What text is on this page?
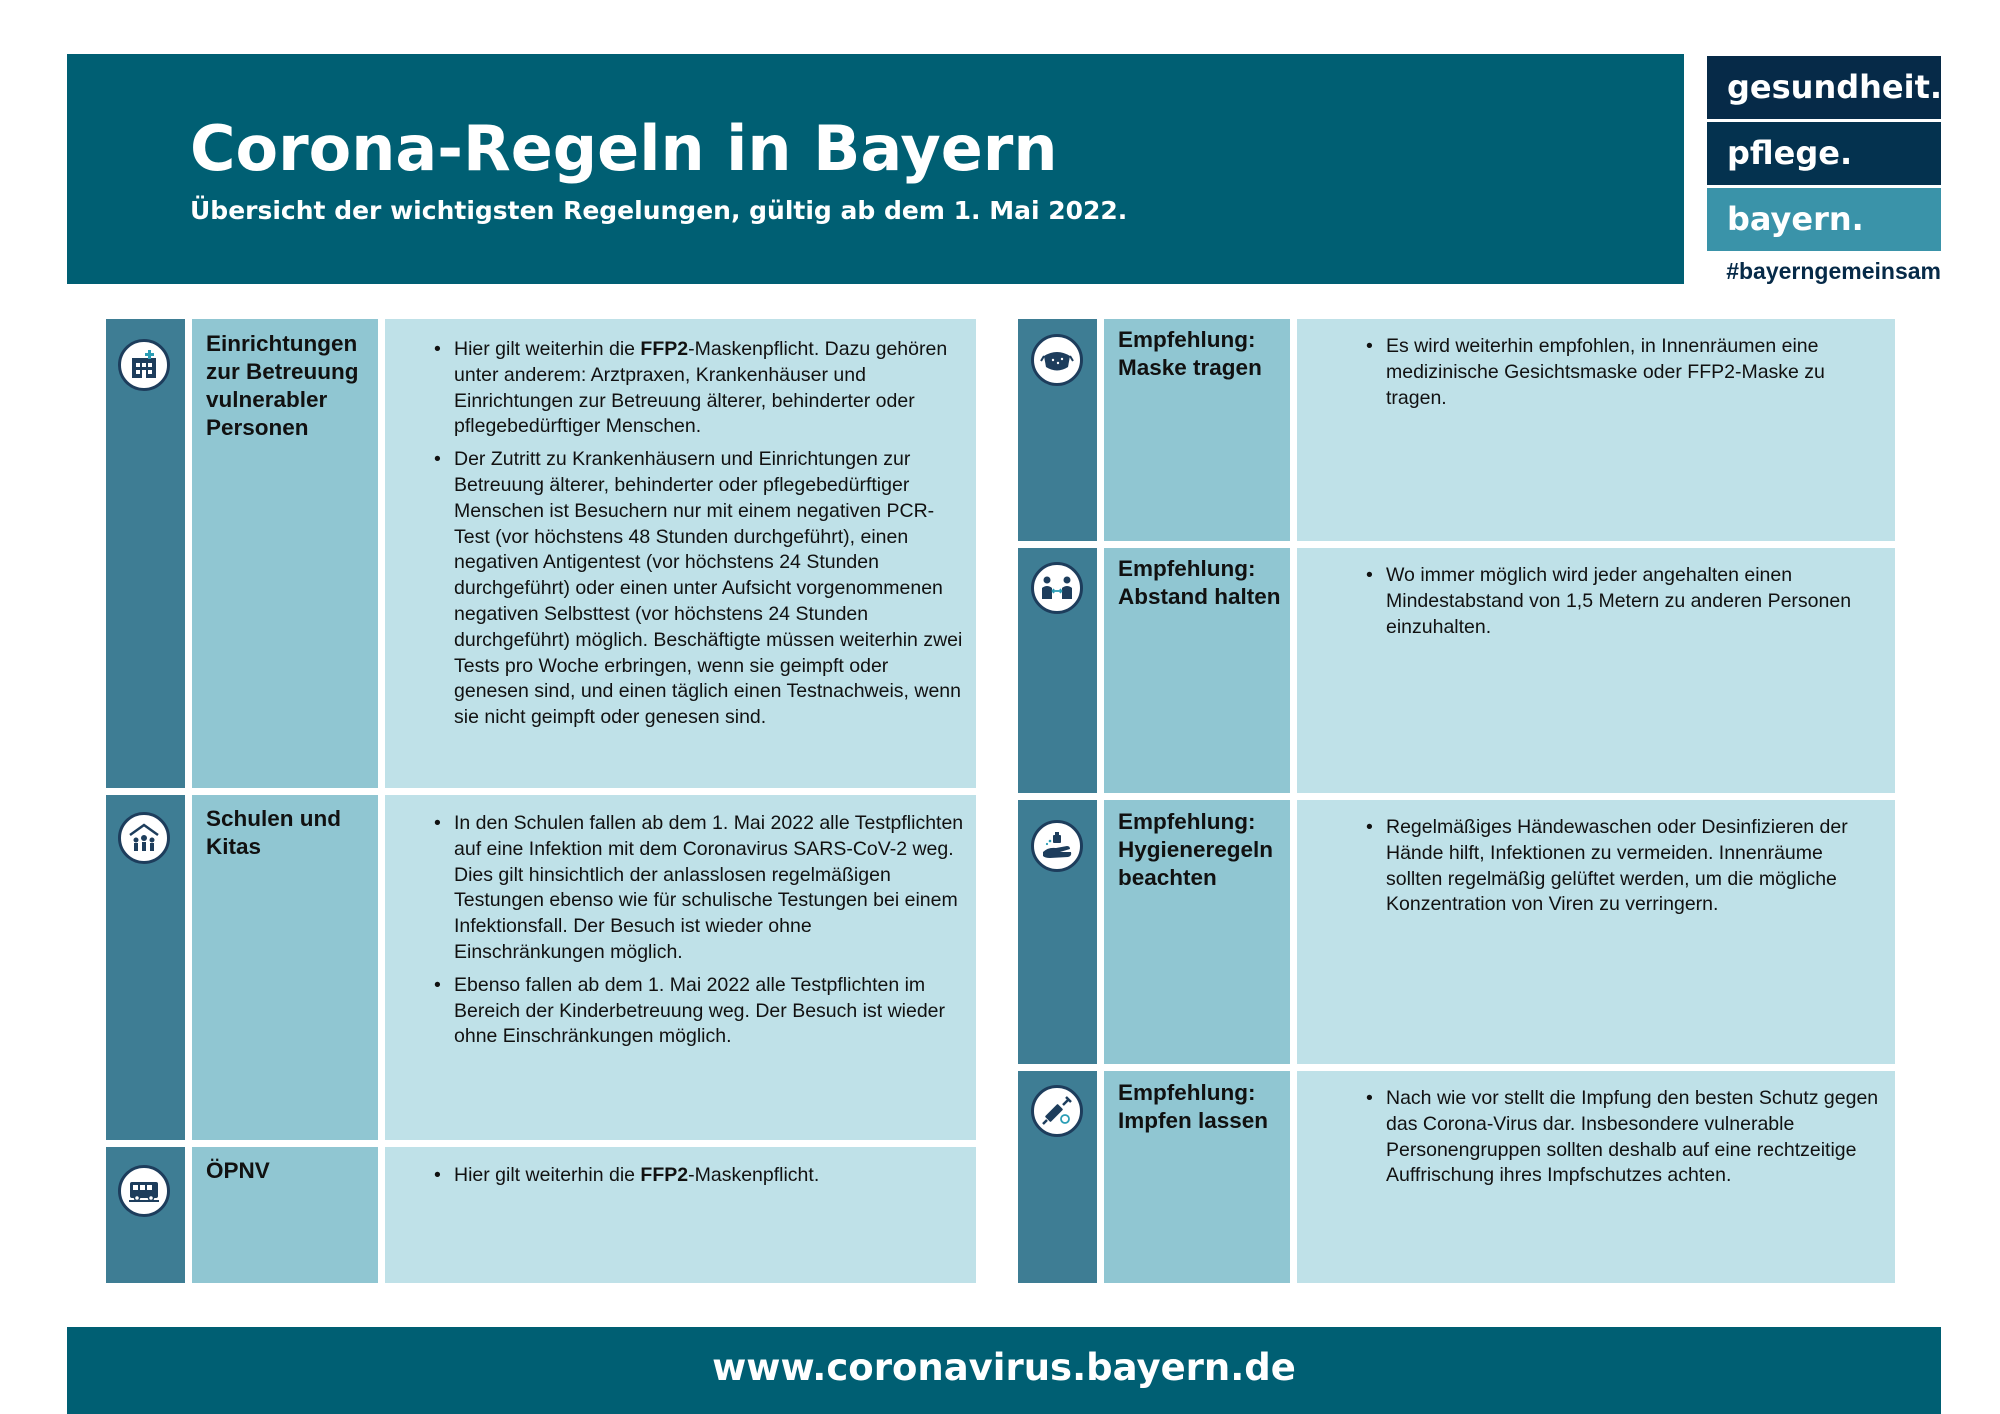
Corona-Regeln in Bayern
Übersicht der wichtigsten Regelungen, gültig ab dem 1. Mai 2022.
gesundheit.
pflege.
bayern.
#bayerngemeinsam
Einrichtungen zur Betreuung vulnerabler Personen
• Hier gilt weiterhin die FFP2-Maskenpflicht. Dazu gehören unter anderem: Arztpraxen, Krankenhäuser und Einrichtungen zur Betreuung älterer, behinderter oder pflegebedürftiger Menschen.
• Der Zutritt zu Krankenhäusern und Einrichtungen zur Betreuung älterer, behinderter oder pflegebedürftiger Menschen ist Besuchern nur mit einem negativen PCR-Test (vor höchstens 48 Stunden durchgeführt), einen negativen Antigentest (vor höchstens 24 Stunden durchgeführt) oder einen unter Aufsicht vorgenommenen negativen Selbsttest (vor höchstens 24 Stunden durchgeführt) möglich. Beschäftigte müssen weiterhin zwei Tests pro Woche erbringen, wenn sie geimpft oder genesen sind, und einen täglich einen Testnachweis, wenn sie nicht geimpft oder genesen sind.
Schulen und Kitas
• In den Schulen fallen ab dem 1. Mai 2022 alle Testpflichten auf eine Infektion mit dem Coronavirus SARS-CoV-2 weg. Dies gilt hinsichtlich der anlasslosen regelmäßigen Testungen ebenso wie für schulische Testungen bei einem Infektionsfall. Der Besuch ist wieder ohne Einschränkungen möglich.
• Ebenso fallen ab dem 1. Mai 2022 alle Testpflichten im Bereich der Kinderbetreuung weg. Der Besuch ist wieder ohne Einschränkungen möglich.
ÖPNV
•	Hier gilt weiterhin die FFP2-Maskenpflicht.
Empfehlung: Maske tragen
• Es wird weiterhin empfohlen, in Innenräumen eine medizinische Gesichtsmaske oder FFP2-Maske zu tragen.
Empfehlung: Abstand halten
• Wo immer möglich wird jeder angehalten einen Mindestabstand von 1,5 Metern zu anderen Personen einzuhalten.
Empfehlung: Hygieneregeln beachten
• Regelmäßiges Händewaschen oder Desinfizieren der Hände hilft, Infektionen zu vermeiden. Innenräume sollten regelmäßig gelüftet werden, um die mögliche Konzentration von Viren zu verringern.
Empfehlung: Impfen lassen
• Nach wie vor stellt die Impfung den besten Schutz gegen das Corona-Virus dar. Insbesondere vulnerable Personengruppen sollten deshalb auf eine rechtzeitige Auffrischung ihres Impfschutzes achten.
www.coronavirus.bayern.de
